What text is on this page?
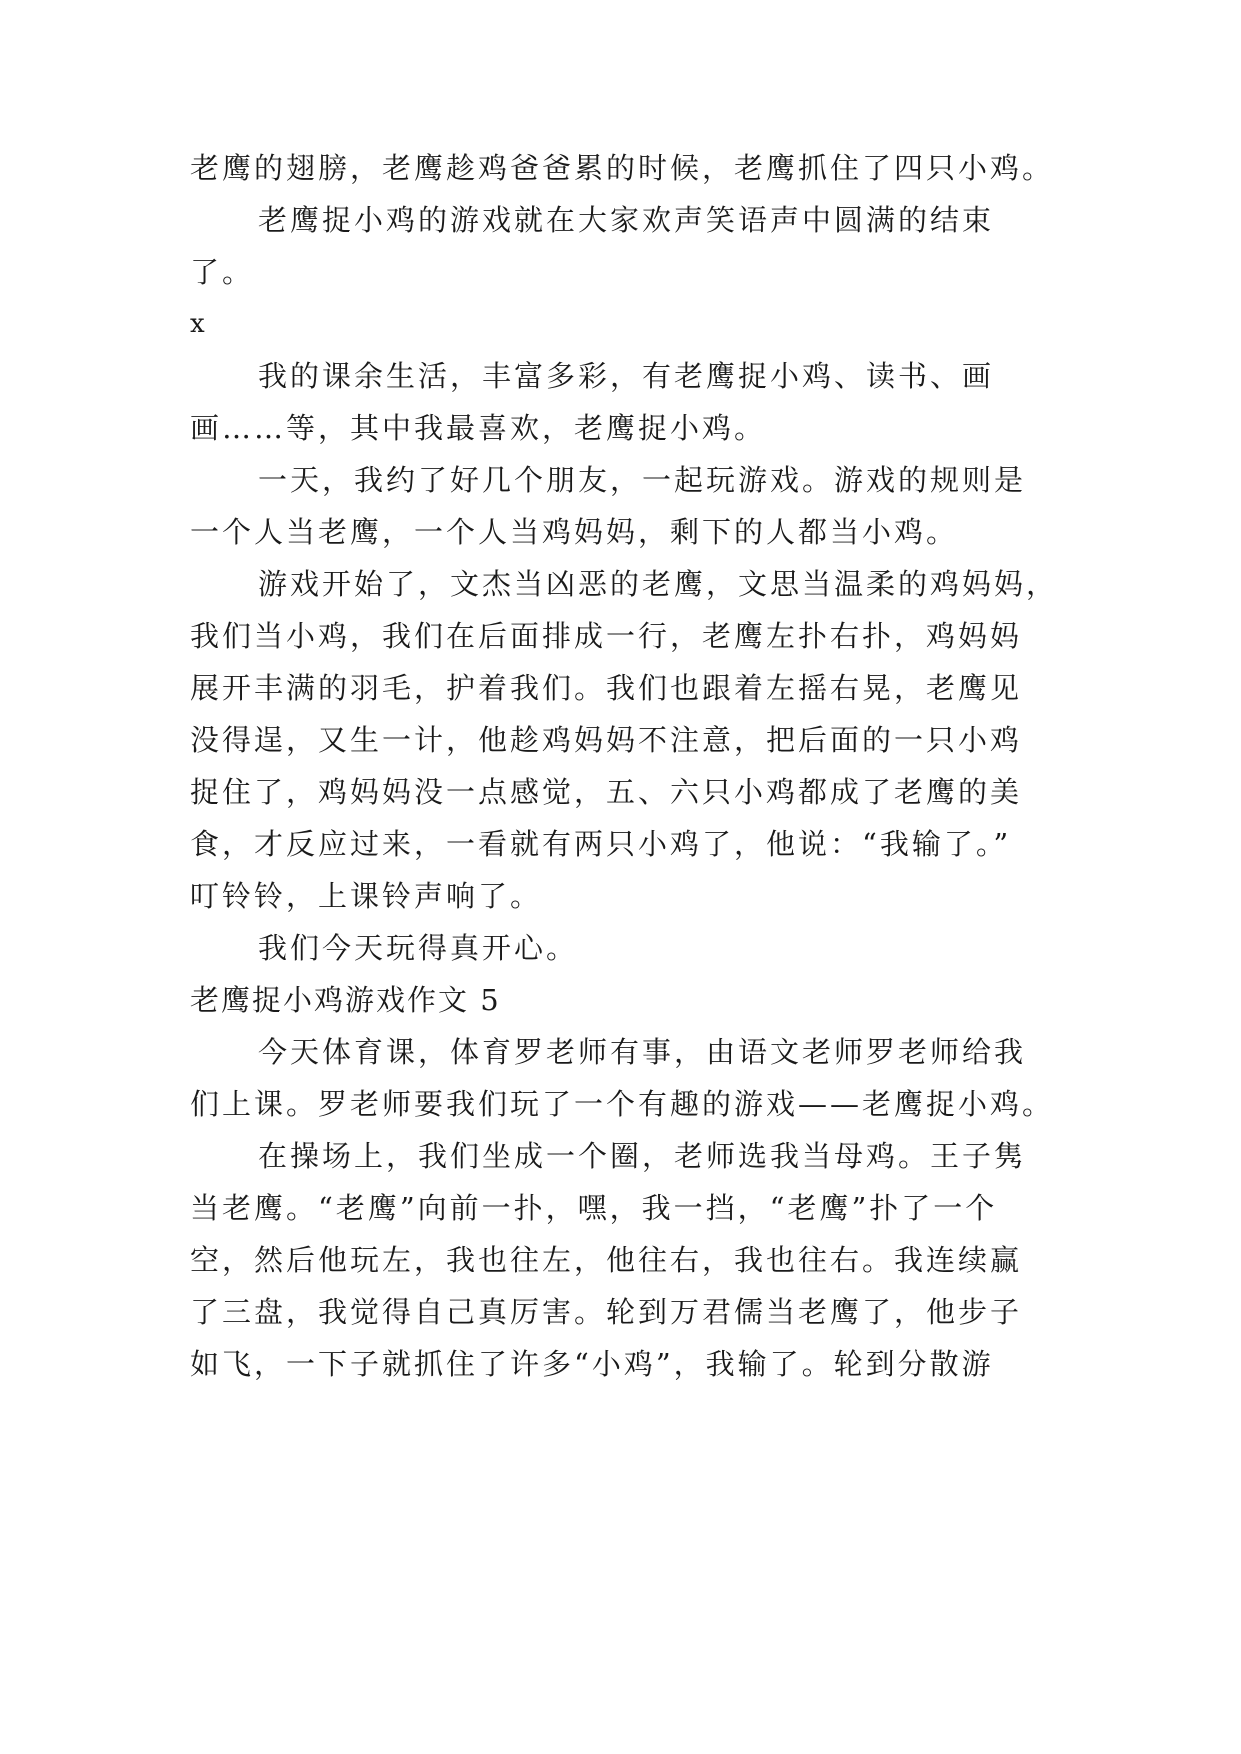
老鹰的翅膀，老鹰趁鸡爸爸累的时候，老鹰抓住了四只小鸡。
老鹰捉小鸡的游戏就在大家欢声笑语声中圆满的结束
了。
x
我的课余生活，丰富多彩，有老鹰捉小鸡、读书、画
画……等，其中我最喜欢，老鹰捉小鸡。
一天，我约了好几个朋友，一起玩游戏。游戏的规则是
一个人当老鹰，一个人当鸡妈妈，剩下的人都当小鸡。
游戏开始了，文杰当凶恶的老鹰，文思当温柔的鸡妈妈，
我们当小鸡，我们在后面排成一行，老鹰左扑右扑，鸡妈妈
展开丰满的羽毛，护着我们。我们也跟着左摇右晃，老鹰见
没得逞，又生一计，他趁鸡妈妈不注意，把后面的一只小鸡
捉住了，鸡妈妈没一点感觉，五、六只小鸡都成了老鹰的美
食，才反应过来，一看就有两只小鸡了，他说：“我输了。”
叮铃铃，上课铃声响了。
我们今天玩得真开心。
老鹰捉小鸡游戏作文 5
今天体育课，体育罗老师有事，由语文老师罗老师给我
们上课。罗老师要我们玩了一个有趣的游戏——老鹰捉小鸡。
在操场上，我们坐成一个圈，老师选我当母鸡。王子隽
当老鹰。“老鹰”向前一扑，嘿，我一挡，“老鹰”扑了一个
空，然后他玩左，我也往左，他往右，我也往右。我连续赢
了三盘，我觉得自己真厉害。轮到万君儒当老鹰了，他步子
如飞，一下子就抓住了许多“小鸡”，我输了。轮到分散游
